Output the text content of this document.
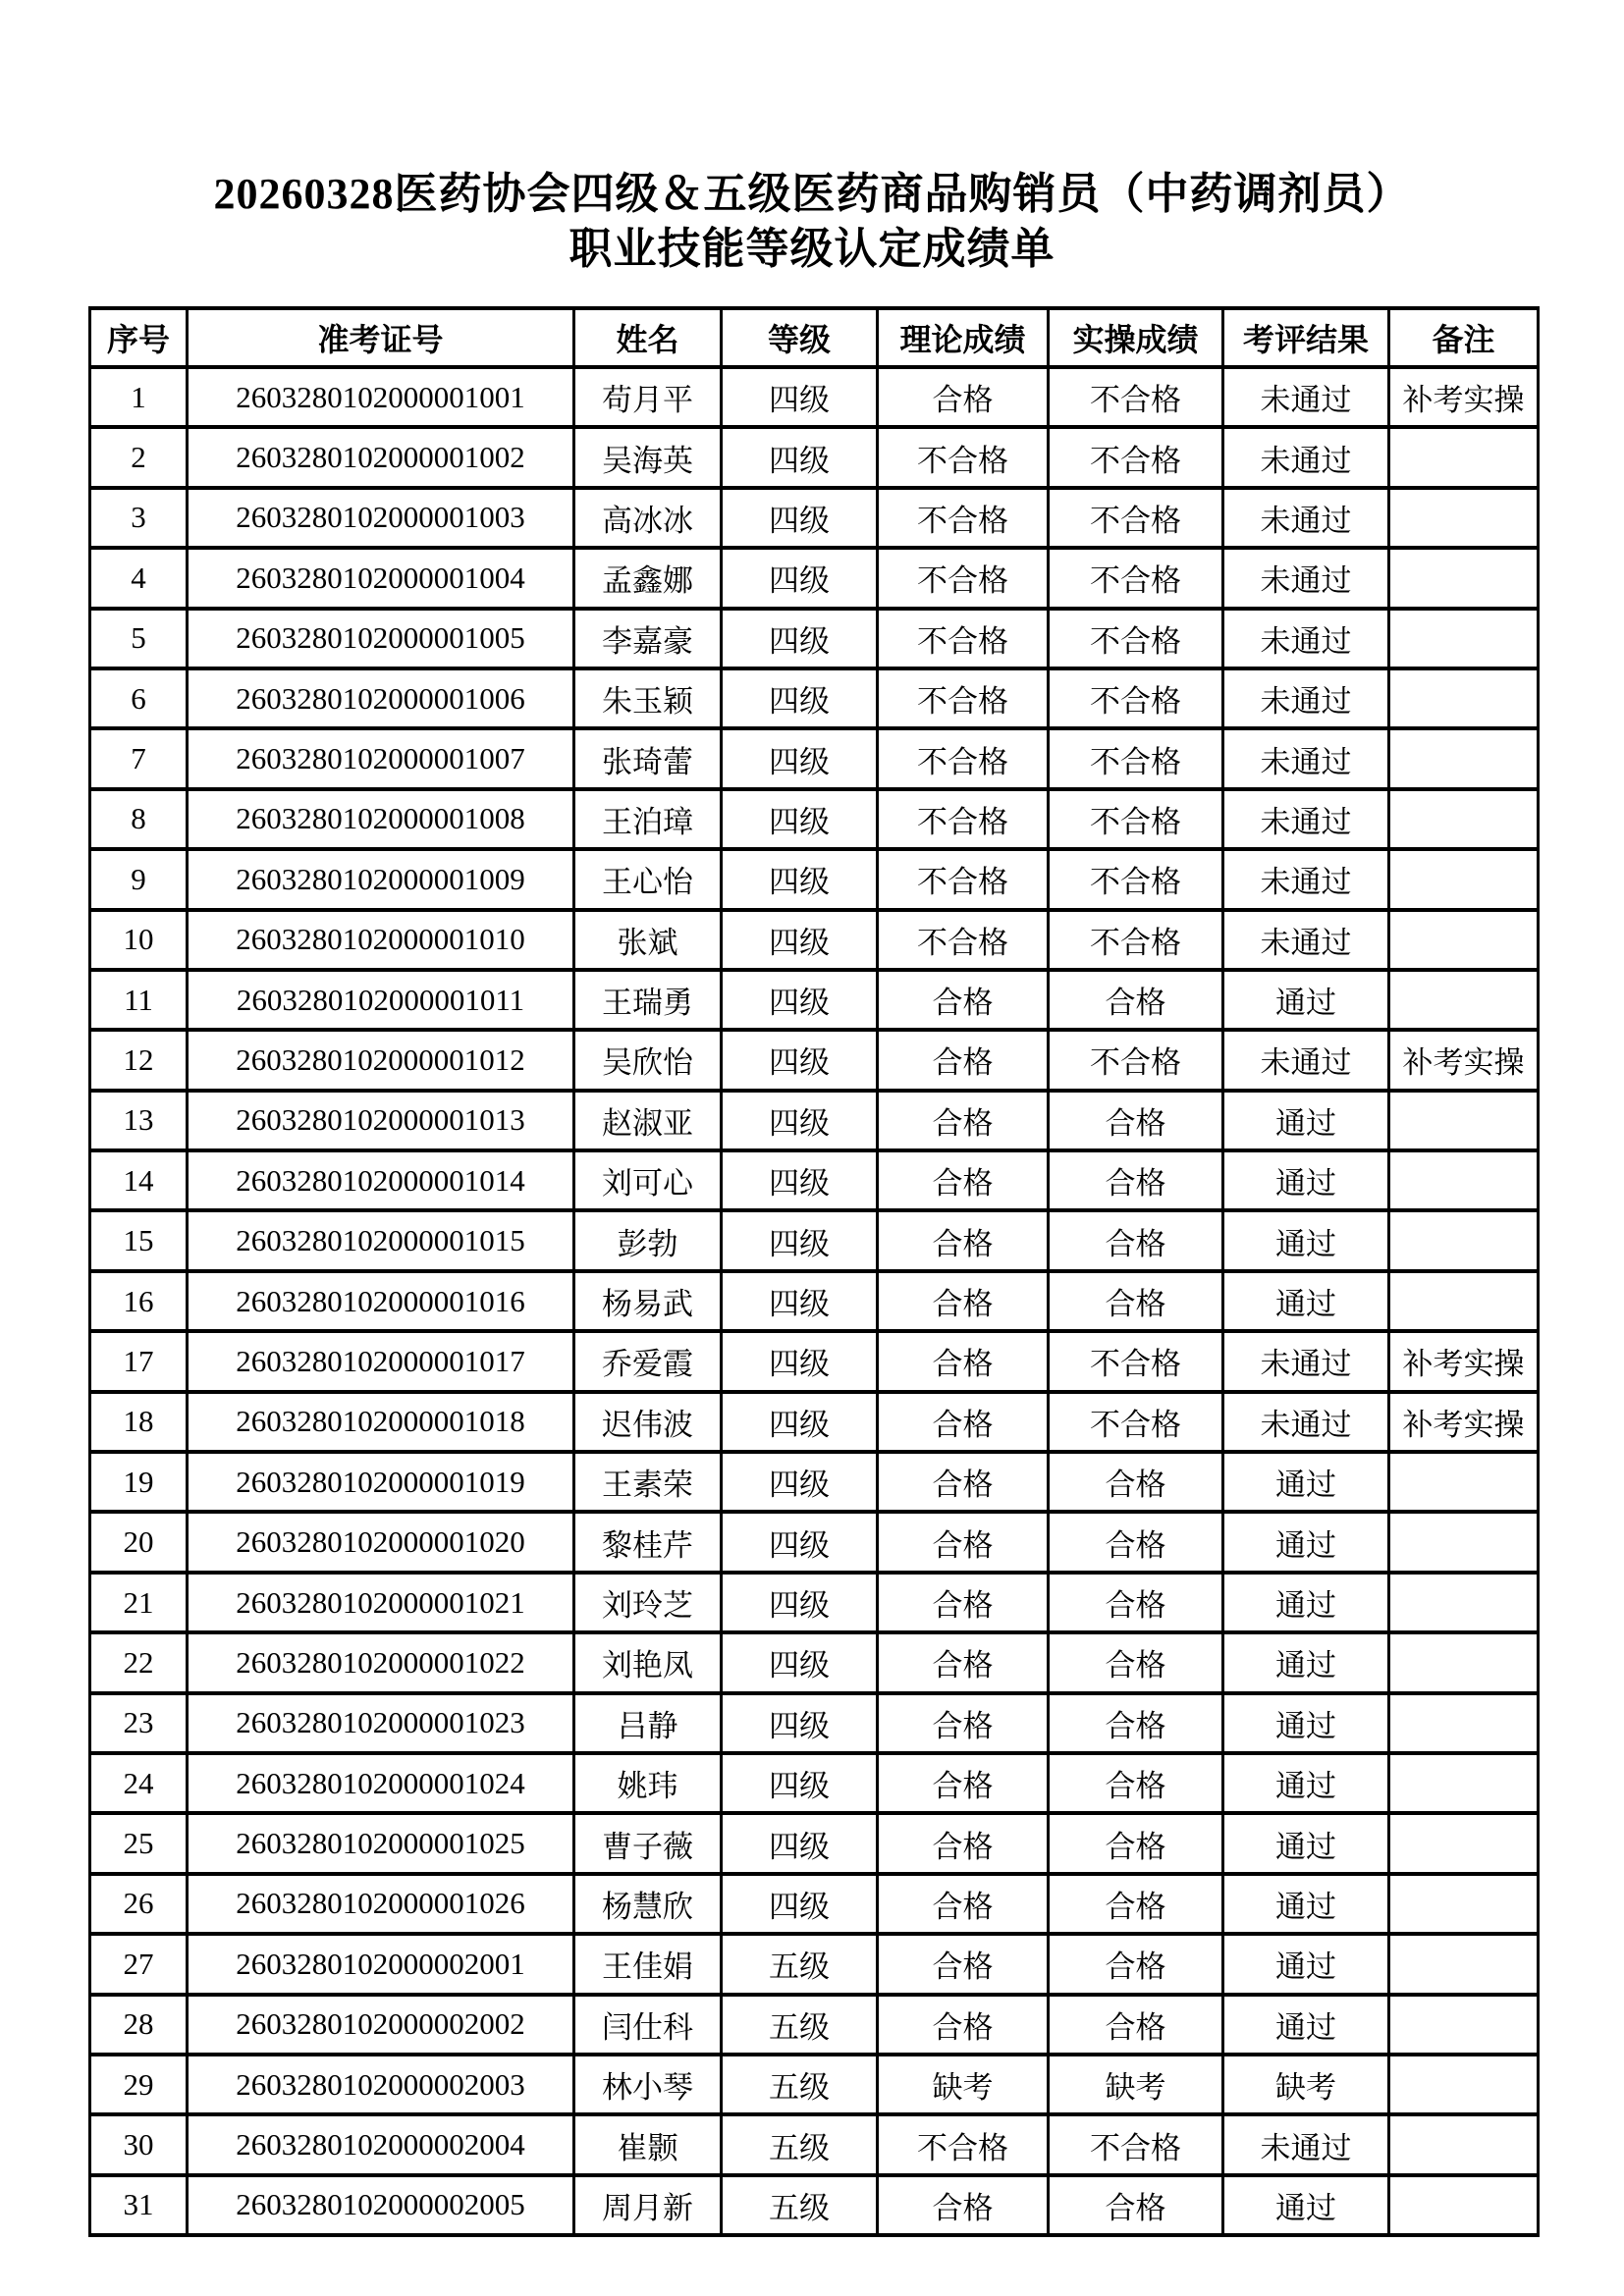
20260328医药协会四级＆五级医药商品购销员（中药调剂员）
职业技能等级认定成绩单
序号	准考证号	姓名	等级	理论成绩	实操成绩	考评结果	备注
1	2603280102000001001	苟月平	四级	合格	不合格	未通过	补考实操
2	2603280102000001002	吴海英	四级	不合格	不合格	未通过	
3	2603280102000001003	高冰冰	四级	不合格	不合格	未通过	
4	2603280102000001004	孟鑫娜	四级	不合格	不合格	未通过	
5	2603280102000001005	李嘉豪	四级	不合格	不合格	未通过	
6	2603280102000001006	朱玉颖	四级	不合格	不合格	未通过	
7	2603280102000001007	张琦蕾	四级	不合格	不合格	未通过	
8	2603280102000001008	王泊璋	四级	不合格	不合格	未通过	
9	2603280102000001009	王心怡	四级	不合格	不合格	未通过	
10	2603280102000001010	张斌	四级	不合格	不合格	未通过	
11	2603280102000001011	王瑞勇	四级	合格	合格	通过	
12	2603280102000001012	吴欣怡	四级	合格	不合格	未通过	补考实操
13	2603280102000001013	赵淑亚	四级	合格	合格	通过	
14	2603280102000001014	刘可心	四级	合格	合格	通过	
15	2603280102000001015	彭勃	四级	合格	合格	通过	
16	2603280102000001016	杨易武	四级	合格	合格	通过	
17	2603280102000001017	乔爱霞	四级	合格	不合格	未通过	补考实操
18	2603280102000001018	迟伟波	四级	合格	不合格	未通过	补考实操
19	2603280102000001019	王素荣	四级	合格	合格	通过	
20	2603280102000001020	黎桂芹	四级	合格	合格	通过	
21	2603280102000001021	刘玲芝	四级	合格	合格	通过	
22	2603280102000001022	刘艳凤	四级	合格	合格	通过	
23	2603280102000001023	吕静	四级	合格	合格	通过	
24	2603280102000001024	姚玮	四级	合格	合格	通过	
25	2603280102000001025	曹子薇	四级	合格	合格	通过	
26	2603280102000001026	杨慧欣	四级	合格	合格	通过	
27	2603280102000002001	王佳娟	五级	合格	合格	通过	
28	2603280102000002002	闫仕科	五级	合格	合格	通过	
29	2603280102000002003	林小琴	五级	缺考	缺考	缺考	
30	2603280102000002004	崔颢	五级	不合格	不合格	未通过	
31	2603280102000002005	周月新	五级	合格	合格	通过	
